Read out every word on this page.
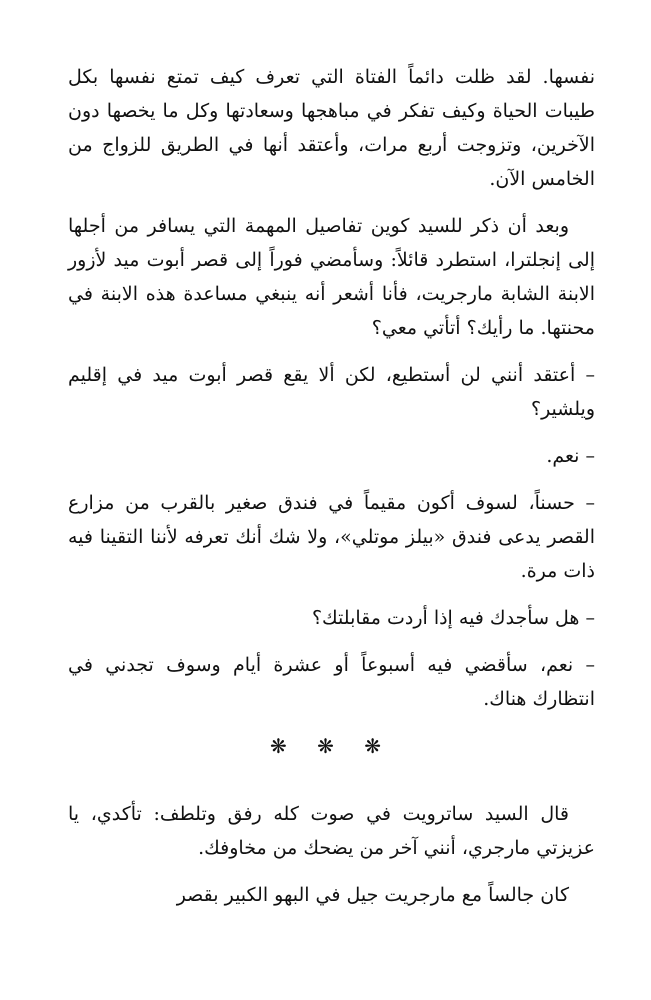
نفسها. لقد ظلت دائماً الفتاة التي تعرف كيف تمتع نفسها بكل طيبات الحياة وكيف تفكر في مباهجها وسعادتها وكل ما يخصها دون الآخرين، وتزوجت أربع مرات، وأعتقد أنها في الطريق للزواج من الخامس الآن.

وبعد أن ذكر للسيد كوين تفاصيل المهمة التي يسافر من أجلها إلى إنجلترا، استطرد قائلاً: وسأمضي فوراً إلى قصر أبوت ميد لأزور الابنة الشابة مارجريت، فأنا أشعر أنه ينبغي مساعدة هذه الابنة في محنتها. ما رأيك؟ أتأتي معي؟

– أعتقد أنني لن أستطيع، لكن ألا يقع قصر أبوت ميد في إقليم ويلشير؟

– نعم.

– حسناً، لسوف أكون مقيماً في فندق صغير بالقرب من مزارع القصر يدعى فندق «بيلز موتلي»، ولا شك أنك تعرفه لأننا التقينا فيه ذات مرة.

– هل سأجدك فيه إذا أردت مقابلتك؟

– نعم، سأقضي فيه أسبوعاً أو عشرة أيام وسوف تجدني في انتظارك هناك.

❋ ❋ ❋

قال السيد ساترويت في صوت كله رفق وتلطف: تأكدي، يا عزيزتي مارجري، أنني آخر من يضحك من مخاوفك.

كان جالساً مع مارجريت جيل في البهو الكبير بقصر
